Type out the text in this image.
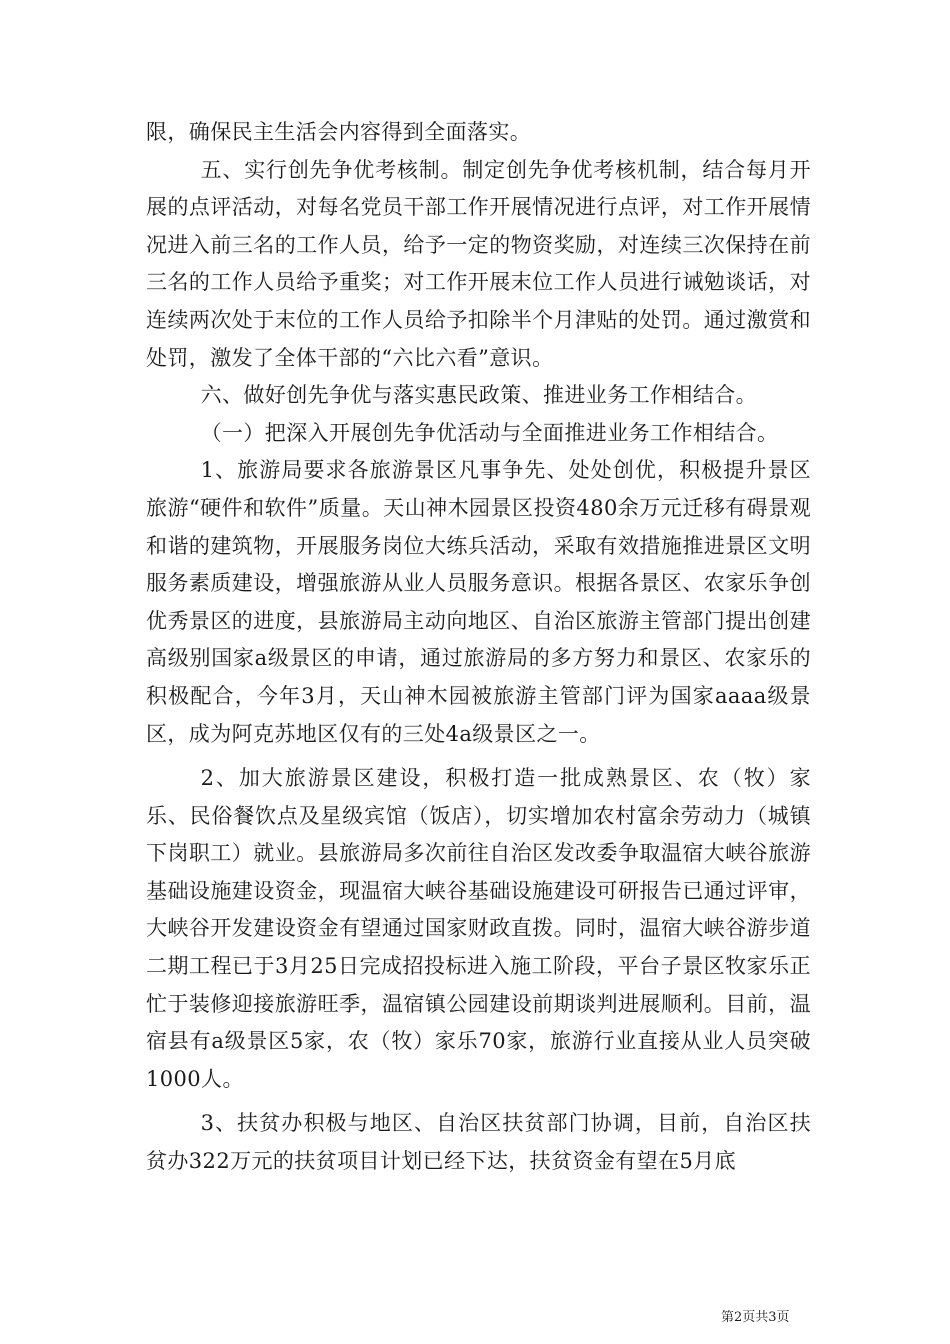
限，确保民主生活会内容得到全面落实。

五、实行创先争优考核制。制定创先争优考核机制，结合每月开展的点评活动，对每名党员干部工作开展情况进行点评，对工作开展情况进入前三名的工作人员，给予一定的物资奖励，对连续三次保持在前三名的工作人员给予重奖；对工作开展末位工作人员进行诫勉谈话，对连续两次处于末位的工作人员给予扣除半个月津贴的处罚。通过激赏和处罚，激发了全体干部的“六比六看”意识。

六、做好创先争优与落实惠民政策、推进业务工作相结合。

（一）把深入开展创先争优活动与全面推进业务工作相结合。

1、旅游局要求各旅游景区凡事争先、处处创优，积极提升景区旅游“硬件和软件”质量。天山神木园景区投资480余万元迁移有碍景观和谐的建筑物，开展服务岗位大练兵活动，采取有效措施推进景区文明服务素质建设，增强旅游从业人员服务意识。根据各景区、农家乐争创优秀景区的进度，县旅游局主动向地区、自治区旅游主管部门提出创建高级别国家a级景区的申请，通过旅游局的多方努力和景区、农家乐的积极配合，今年3月，天山神木园被旅游主管部门评为国家aaaa级景区，成为阿克苏地区仅有的三处4a级景区之一。

2、加大旅游景区建设，积极打造一批成熟景区、农（牧）家乐、民俗餐饮点及星级宾馆（饭店），切实增加农村富余劳动力（城镇下岗职工）就业。县旅游局多次前往自治区发改委争取温宿大峡谷旅游基础设施建设资金，现温宿大峡谷基础设施建设可研报告已通过评审，大峡谷开发建设资金有望通过国家财政直拨。同时，温宿大峡谷游步道二期工程已于3月25日完成招投标进入施工阶段，平台子景区牧家乐正忙于装修迎接旅游旺季，温宿镇公园建设前期谈判进展顺利。目前，温宿县有a级景区5家，农（牧）家乐70家，旅游行业直接从业人员突破1000人。

3、扶贫办积极与地区、自治区扶贫部门协调，目前，自治区扶贫办322万元的扶贫项目计划已经下达，扶贫资金有望在5月底

第2页共3页
